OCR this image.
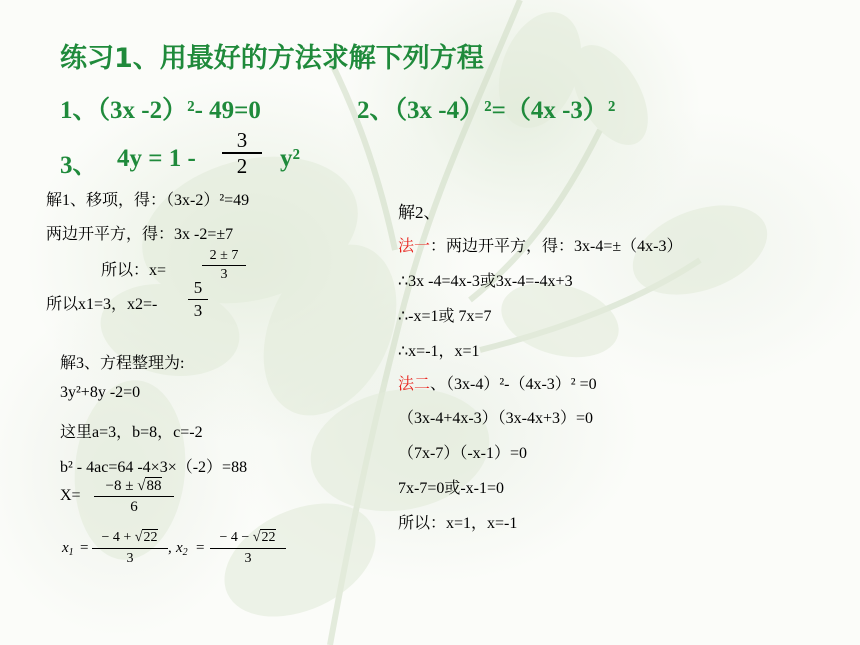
练习1、用最好的方法求解下列方程
1、（3x -2）²- 49=0	2、（3x -4）²=（4x -3）²
3、 4y = 1 -
3
2	y²
解1、移项，得：（3x-2）²=49
两边开平方，得：3x -2=±7
所以：x=
2 ± 7
3
所以x1=3，x2=-
5
3
解2、
法一：两边开平方，得：3x-4=±（4x-3）
∴3x -4=4x-3或3x-4=-4x+3
∴-x=1或 7x=7
∴x=-1，x=1
法二、（3x-4）²-（4x-3）² =0
（3x-4+4x-3）（3x-4x+3）=0
（7x-7）（-x-1）=0
7x-7=0或-x-1=0
所以：x=1，x=-1
解3、方程整理为:
3y²+8y -2=0
这里a=3，b=8，c=-2
b² - 4ac=64 -4×3×（-2）=88
X=
−8 ± √88
6
$x_1$ =
− 4 + √22
3
, $x_2$ =
− 4 − √22
3
